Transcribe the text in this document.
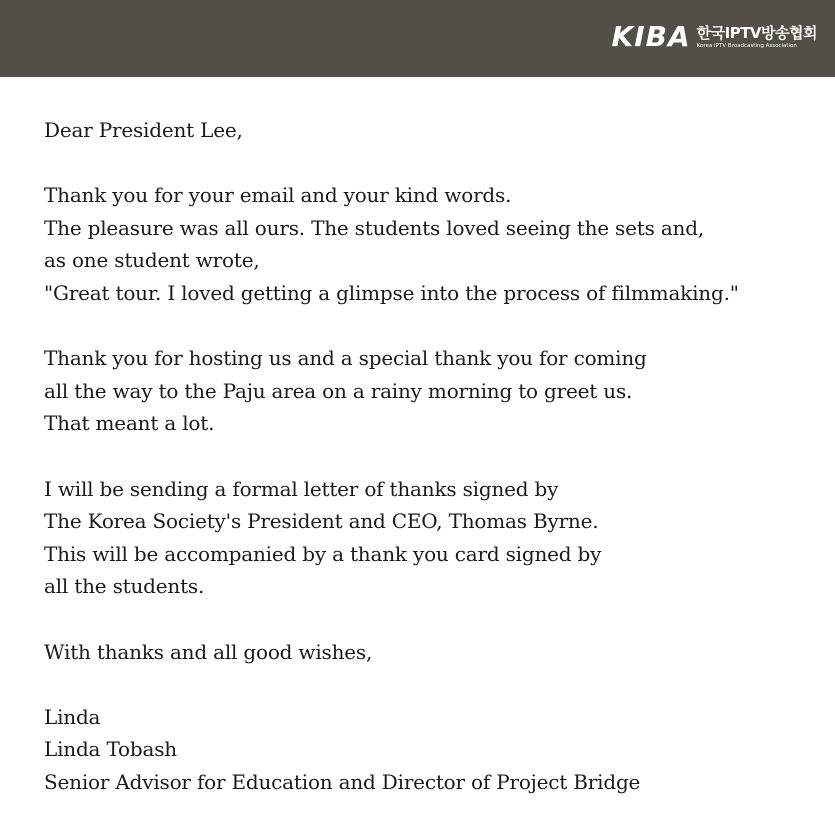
KIBA 한국IPTV방송협회
Korea IPTV Broadcasting Association
Dear President Lee,
Thank you for your email and your kind words.
The pleasure was all ours. The students loved seeing the sets and,
as one student wrote,
"Great tour. I loved getting a glimpse into the process of filmmaking."
Thank you for hosting us and a special thank you for coming
all the way to the Paju area on a rainy morning to greet us.
That meant a lot.
I will be sending a formal letter of thanks signed by
The Korea Society's President and CEO, Thomas Byrne.
This will be accompanied by a thank you card signed by
all the students.
With thanks and all good wishes,
Linda
Linda Tobash
Senior Advisor for Education and Director of Project Bridge
